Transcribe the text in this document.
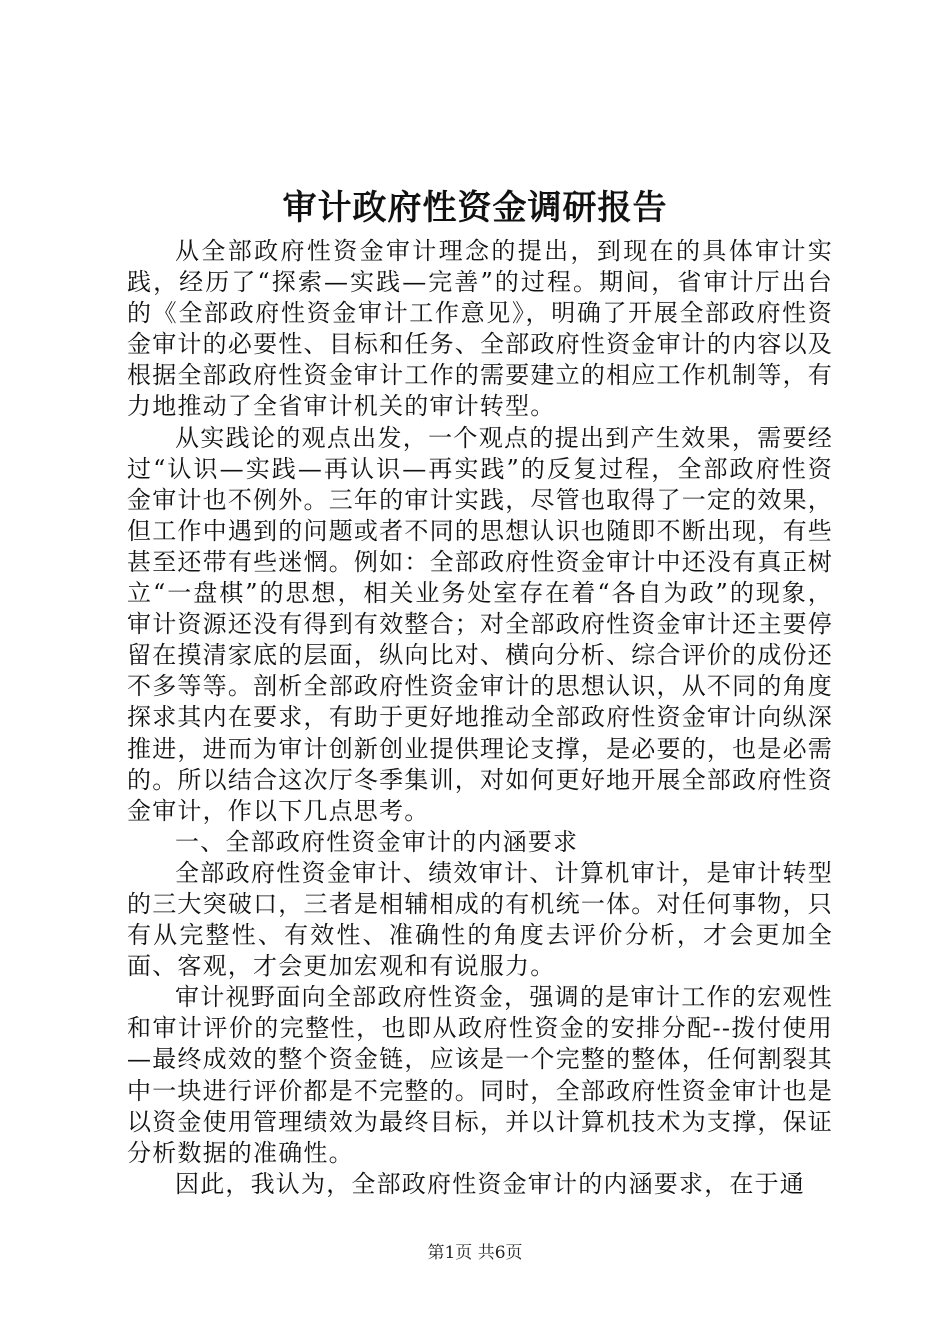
审计政府性资金调研报告

从全部政府性资金审计理念的提出，到现在的具体审计实践，经历了“探索—实践—完善”的过程。期间，省审计厅出台的《全部政府性资金审计工作意见》，明确了开展全部政府性资金审计的必要性、目标和任务、全部政府性资金审计的内容以及根据全部政府性资金审计工作的需要建立的相应工作机制等，有力地推动了全省审计机关的审计转型。

从实践论的观点出发，一个观点的提出到产生效果，需要经过“认识—实践—再认识—再实践”的反复过程，全部政府性资金审计也不例外。三年的审计实践，尽管也取得了一定的效果，但工作中遇到的问题或者不同的思想认识也随即不断出现，有些甚至还带有些迷惘。例如：全部政府性资金审计中还没有真正树立“一盘棋”的思想，相关业务处室存在着“各自为政”的现象，审计资源还没有得到有效整合；对全部政府性资金审计还主要停留在摸清家底的层面，纵向比对、横向分析、综合评价的成份还不多等等。剖析全部政府性资金审计的思想认识，从不同的角度探求其内在要求，有助于更好地推动全部政府性资金审计向纵深推进，进而为审计创新创业提供理论支撑，是必要的，也是必需的。所以结合这次厅冬季集训，对如何更好地开展全部政府性资金审计，作以下几点思考。

一、全部政府性资金审计的内涵要求

全部政府性资金审计、绩效审计、计算机审计，是审计转型的三大突破口，三者是相辅相成的有机统一体。对任何事物，只有从完整性、有效性、准确性的角度去评价分析，才会更加全面、客观，才会更加宏观和有说服力。

审计视野面向全部政府性资金，强调的是审计工作的宏观性和审计评价的完整性，也即从政府性资金的安排分配--拨付使用—最终成效的整个资金链，应该是一个完整的整体，任何割裂其中一块进行评价都是不完整的。同时，全部政府性资金审计也是以资金使用管理绩效为最终目标，并以计算机技术为支撑，保证分析数据的准确性。

因此，我认为，全部政府性资金审计的内涵要求，在于通

第1页 共6页
